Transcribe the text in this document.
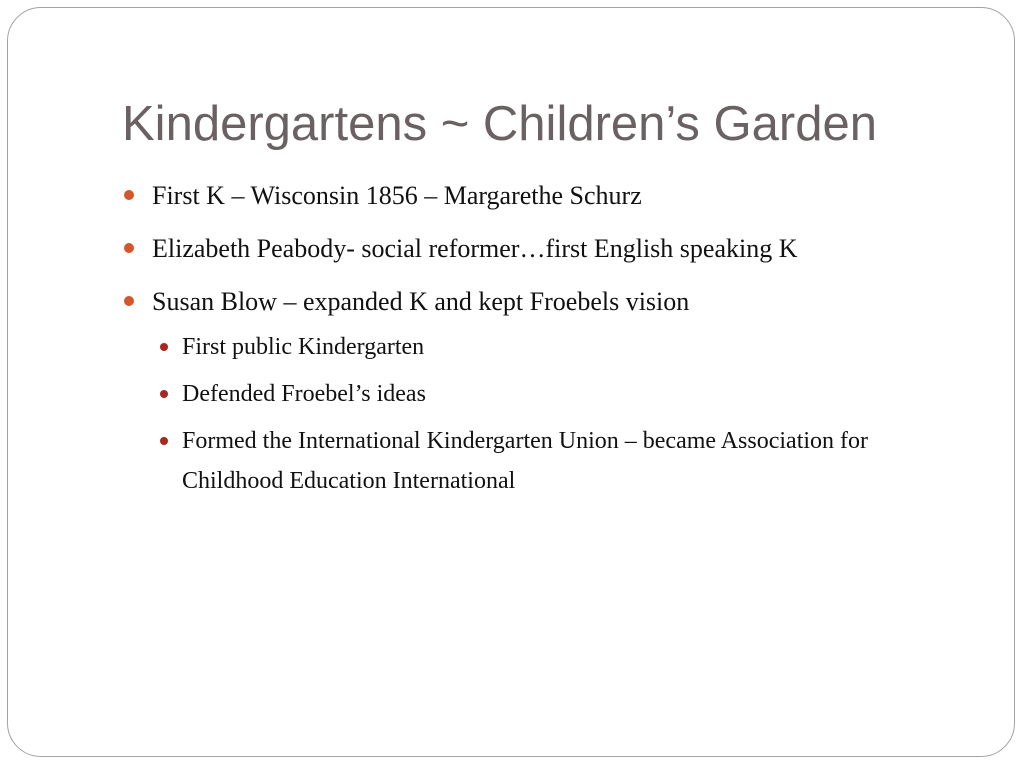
Kindergartens ~ Children’s Garden
First K – Wisconsin 1856 – Margarethe Schurz
Elizabeth Peabody- social reformer…first English speaking K
Susan Blow – expanded K and kept Froebels vision
First public Kindergarten
Defended Froebel’s ideas
Formed the International Kindergarten Union – became Association for Childhood Education International
